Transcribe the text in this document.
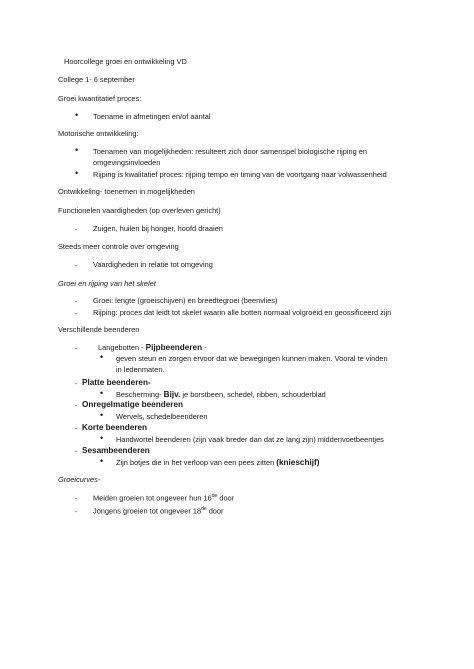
Hoorcollege groei en ontwikkeling VD
College 1- 6 september
Groei kwantitatief proces:
•
Toename in afmetingen en/of aantal
Motorische ontwikkeling:
•
Toenamen van mogelijkheden: resulteert zich door samenspel biologische rijping en
omgevingsinvloeden
•
Rijping is kwalitatief proces: rijping tempo en timing van de voortgang naar volwassenheid
Ontwikkeling- toenemen in mogelijkheden
Functionelen vaardigheden (op overleven gericht)
-
Zuigen, huilen bij honger, hoofd draaien
Steeds meer controle over omgeving
-
Vaardigheden in relatie tot omgeving
Groei en rijping van het skelet
-
Groei: lengte (groeischijven) en breedtegroei (beenvlies)
-
Rijping: proces dat leidt tot skelet waarin alle botten normaal volgroeid en geossificeerd zijn
Verschillende beenderen
-
Langebotten - Pijpbeenderen -
•
geven steun en zorgen ervoor dat we bewegingen kunnen maken. Vooral te vinden
in ledenmaten.
-
Platte beenderen-
•
Bescherming- Bijv. je borstbeen, schedel, ribben, schouderblad
-
Onregelmatige beenderen
•
Wervels, schedelbeenderen
-
Korte beenderen
•
Handwortel beenderen (zijn vaak breder dan dat ze lang zijn) middenvoetbeentjes
-
Sesambeenderen
•
Zijn botjes die in het verloop van een pees zitten (knieschijf)
Groeicurves-
-
Meiden groeien tot ongeveer hun 16de door
-
Jongens groeien tot ongeveer 18de door
